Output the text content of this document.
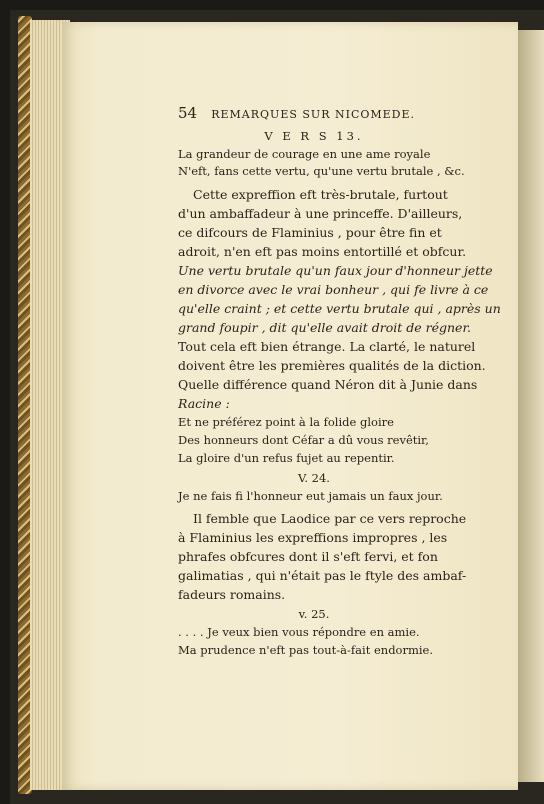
54 REMARQUES SUR NICOMEDE.
V E R S 13.
La grandeur de courage en une ame royale
N'eft, fans cette vertu, qu'une vertu brutale , &c.
Cette expreffion eft très-brutale, furtout
d'un ambaffadeur à une princeffe. D'ailleurs,
ce difcours de Flaminius , pour être fin et
adroit, n'en eft pas moins entortillé et obfcur.
Une vertu brutale qu'un faux jour d'honneur jette
en divorce avec le vrai bonheur , qui fe livre à ce
qu'elle craint ; et cette vertu brutale qui , après un
grand foupir , dit qu'elle avait droit de régner.
Tout cela eft bien étrange. La clarté, le naturel
doivent être les premières qualités de la diction.
Quelle différence quand Néron dit à Junie dans
Racine :
Et ne préférez point à la folide gloire
Des honneurs dont Céfar a dû vous revêtir,
La gloire d'un refus fujet au repentir.
V. 24.
Je ne fais fi l'honneur eut jamais un faux jour.
Il femble que Laodice par ce vers reproche
à Flaminius les expreffions impropres , les
phrafes obfcures dont il s'eft fervi, et fon
galimatias , qui n'était pas le ftyle des ambaf-
fadeurs romains.
v. 25.
. . . . Je veux bien vous répondre en amie.
Ma prudence n'eft pas tout-à-fait endormie.
